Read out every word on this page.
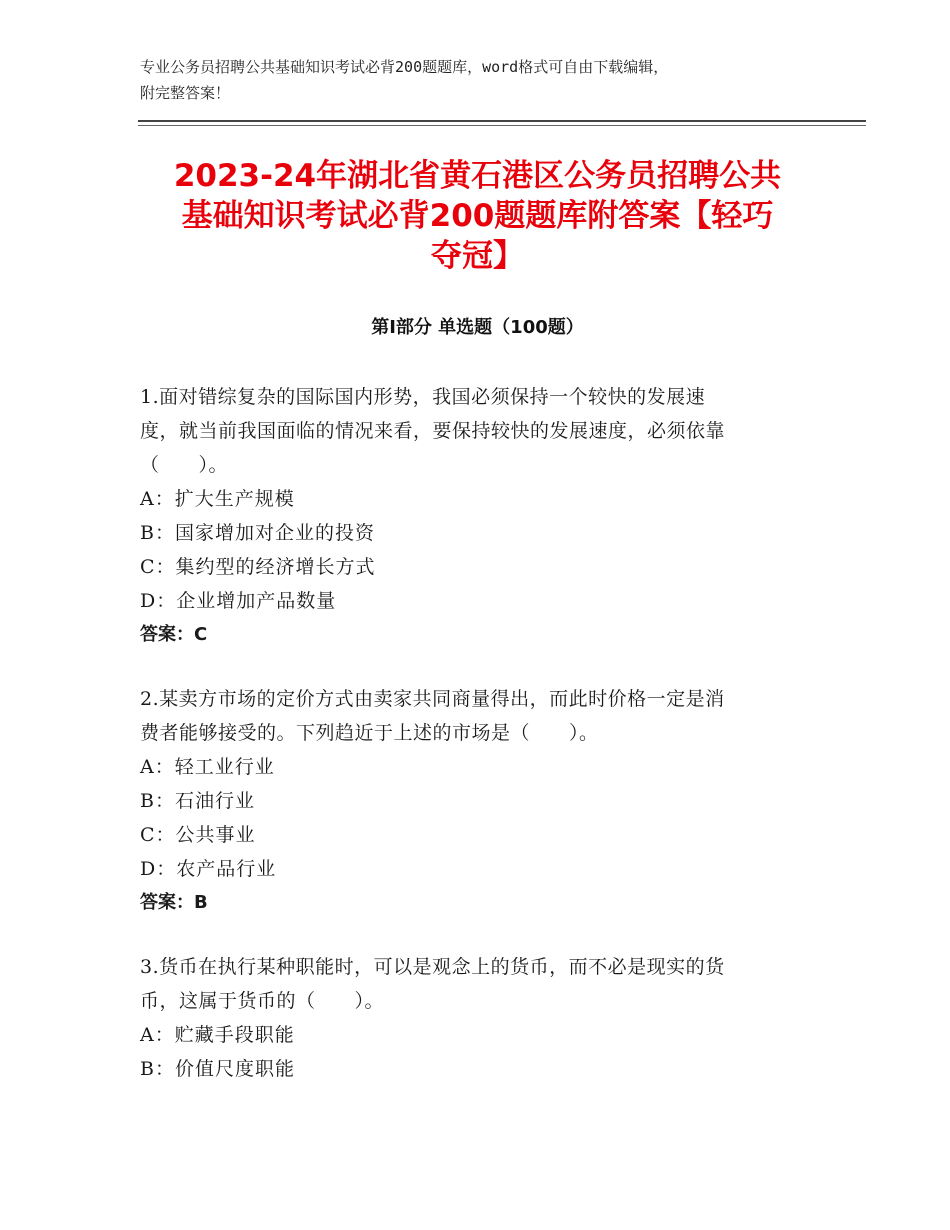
专业公务员招聘公共基础知识考试必背200题题库，word格式可自由下载编辑，
附完整答案！
2023-24年湖北省黄石港区公务员招聘公共
基础知识考试必背200题题库附答案【轻巧
夺冠】
第Ⅰ部分 单选题（100题）

1.面对错综复杂的国际国内形势，我国必须保持一个较快的发展速

度，就当前我国面临的情况来看，要保持较快的发展速度，必须依靠

（　　）。

A：扩大生产规模

B：国家增加对企业的投资

C：集约型的经济增长方式

D：企业增加产品数量

答案：C

2.某卖方市场的定价方式由卖家共同商量得出，而此时价格一定是消

费者能够接受的。下列趋近于上述的市场是（　　）。

A：轻工业行业

B：石油行业

C：公共事业

D：农产品行业

答案：B

3.货币在执行某种职能时，可以是观念上的货币，而不必是现实的货

币，这属于货币的（　　）。

A：贮藏手段职能

B：价值尺度职能
